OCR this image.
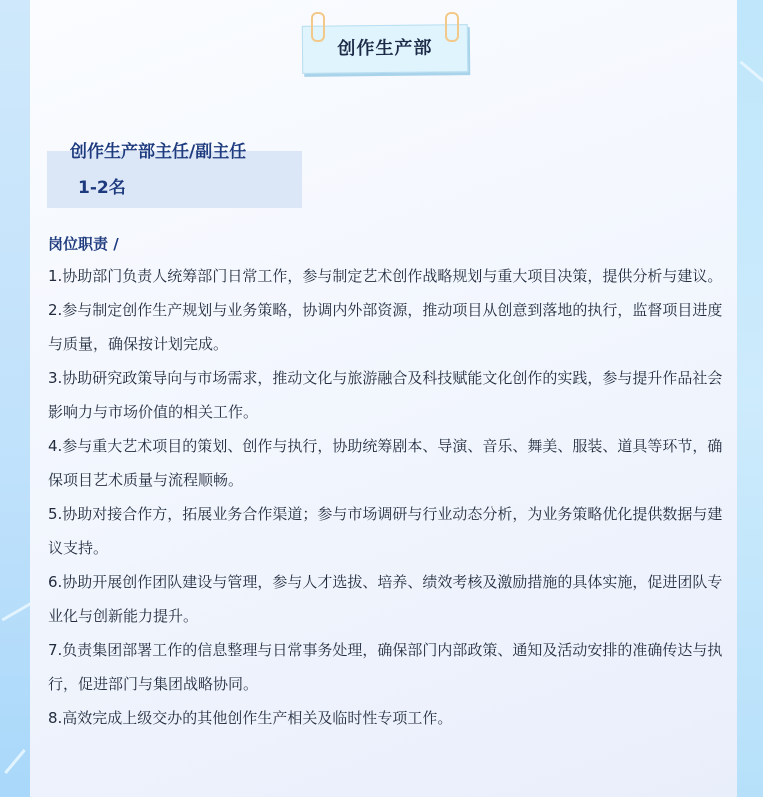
创作生产部
创作生产部主任/副主任
1-2名
岗位职责 /
1.协助部门负责人统筹部门日常工作，参与制定艺术创作战略规划与重大项目决策，提供分析与建议。
2.参与制定创作生产规划与业务策略，协调内外部资源，推动项目从创意到落地的执行，监督项目进度与质量，确保按计划完成。
3.协助研究政策导向与市场需求，推动文化与旅游融合及科技赋能文化创作的实践，参与提升作品社会影响力与市场价值的相关工作。
4.参与重大艺术项目的策划、创作与执行，协助统筹剧本、导演、音乐、舞美、服装、道具等环节，确保项目艺术质量与流程顺畅。
5.协助对接合作方，拓展业务合作渠道；参与市场调研与行业动态分析，为业务策略优化提供数据与建议支持。
6.协助开展创作团队建设与管理，参与人才选拔、培养、绩效考核及激励措施的具体实施，促进团队专业化与创新能力提升。
7.负责集团部署工作的信息整理与日常事务处理，确保部门内部政策、通知及活动安排的准确传达与执行，促进部门与集团战略协同。
8.高效完成上级交办的其他创作生产相关及临时性专项工作。
